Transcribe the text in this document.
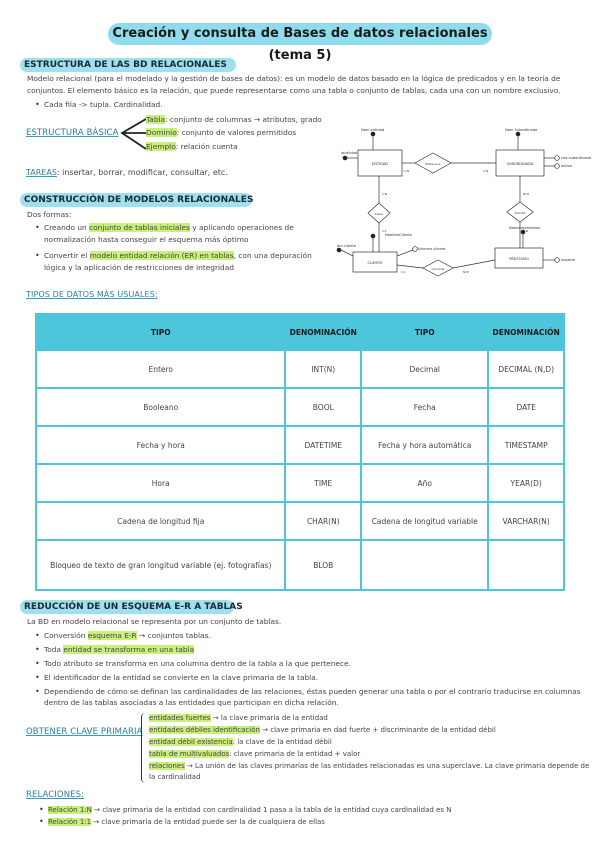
Creación y consulta de Bases de datos relacionales (tema 5)
ESTRUCTURA DE LAS BD RELACIONALES
Modelo relacional (para el modelado y la gestión de bases de datos): es un modelo de datos basado en la lógica de predicados y en la teoría de
conjuntos. El elemento básico es la relación, que puede representarse como una tabla o conjunto de tablas, cada una con un nombre exclusivo.
• Cada fila -> tupla. Cardinalidad.
ESTRUCTURA BÁSICA
Tabla: conjunto de columnas → atributos, grado
Dominio: conjunto de valores permitidos
Ejemplo: relación cuenta
TAREAS: insertar, borrar, modificar, consultar, etc.
CONSTRUCCIÓN DE MODELOS RELACIONALES
Dos formas:
• Creando un conjunto de tablas iniciales y aplicando operaciones de
normalización hasta conseguir el esquema más óptimo
• Convertir el modelo entidad relación (ER) en tablas, con una depuración
lógica y la aplicación de restricciones de integridad
ENTIDAD	SUBORDINADA
CLIENTE
PRESTAMO
Pertenece
Tiene	Solicita
Concede
Nom entidad	Nom Subordinada
dni-cliente
NombreCliente
Nombreprestamo
importe
cod-subordinada
activo
localidad
Número cliente
1:N	1:N
1:N
1:1
N:M
1:N
1:1	N:M
TIPOS DE DATOS MÁS USUALES:
TIPO	DENOMINACIÓN	TIPO	DENOMINACIÓN
Entero	INT(N)	Decimal	DECIMAL (N,D)
Booleano	BOOL	Fecha	DATE
Fecha y hora	DATETIME	Fecha y hora automática	TIMESTAMP
Hora	TIME	Año	YEAR(D)
Cadena de longitud fija	CHAR(N)	Cadena de longitud variable	VARCHAR(N)
Bloqueo de texto de gran longitud variable (ej. fotografías)	BLOB		
REDUCCIÓN DE UN ESQUEMA E-R A TABLAS
La BD en modelo relacional se representa por un conjunto de tablas.
• Conversión esquema E-R → conjuntos tablas.
• Toda entidad se transforma en una tabla
• Todo atributo se transforma en una columna dentro de la tabla a la que pertenece.
• El identificador de la entidad se convierte en la clave primaria de la tabla.
• Dependiendo de cómo se definan las cardinalidades de las relaciones, éstas pueden generar una tabla o por el contrario traducirse en columnas
dentro de las tablas asociadas a las entidades que participan en dicha relación.
OBTENER CLAVE PRIMARIA
entidades fuertes → la clave primaria de la entidad
entidades débiles identificación → clave primaria en dad fuerte + discriminante de la entidad débil
entidad débil existencia: la clave de la entidad débil
tabla de multivaluados: clave primaria de la entidad + valor
relaciones → La unión de las claves primarias de las entidades relacionadas es una superclave. La clave primaria depende de
la cardinalidad
RELACIONES:
• Relación 1:N → clave primaria de la entidad con cardinalidad 1 pasa a la tabla de la entidad cuya cardinalidad es N
• Relación 1:1 → clave primaria de la entidad puede ser la de cualquiera de ellas
